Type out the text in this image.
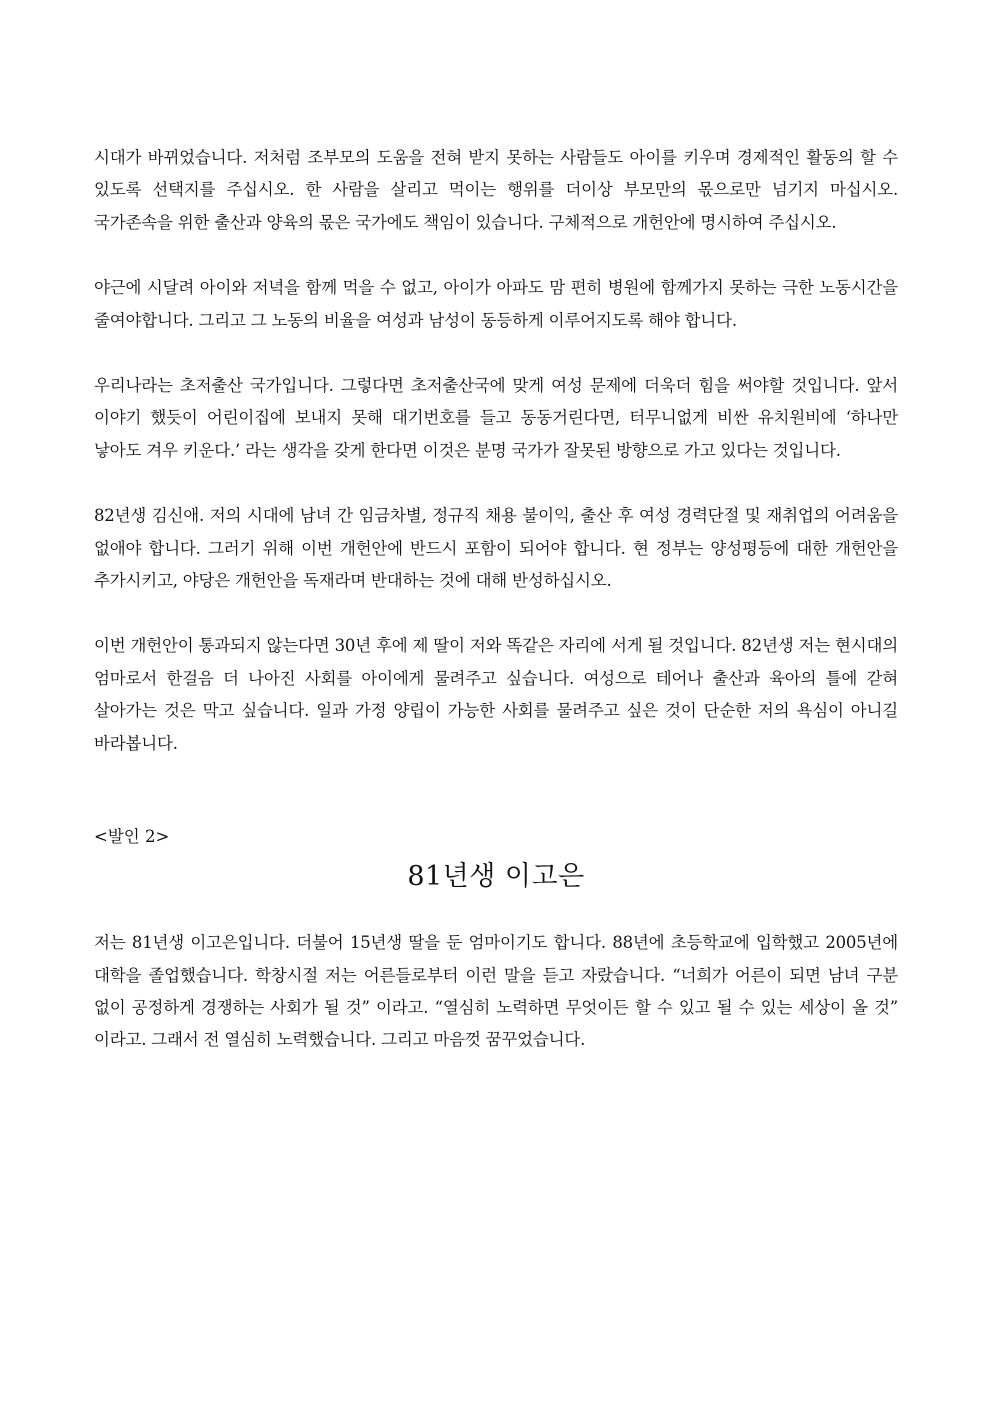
시대가 바뀌었습니다. 저처럼 조부모의 도움을 전혀 받지 못하는 사람들도 아이를 키우며 경제적인 활동의 할 수 있도록 선택지를 주십시오. 한 사람을 살리고 먹이는 행위를 더이상 부모만의 몫으로만 넘기지 마십시오. 국가존속을 위한 출산과 양육의 몫은 국가에도 책임이 있습니다. 구체적으로 개헌안에 명시하여 주십시오.

야근에 시달려 아이와 저녁을 함께 먹을 수 없고, 아이가 아파도 맘 편히 병원에 함께가지 못하는 극한 노동시간을 줄여야합니다. 그리고 그 노동의 비율을 여성과 남성이 동등하게 이루어지도록 해야 합니다.

우리나라는 초저출산 국가입니다. 그렇다면 초저출산국에 맞게 여성 문제에 더욱더 힘을 써야할 것입니다. 앞서 이야기 했듯이 어린이집에 보내지 못해 대기번호를 들고 동동거린다면, 터무니없게 비싼 유치원비에 ‘하나만 낳아도 겨우 키운다.’ 라는 생각을 갖게 한다면 이것은 분명 국가가 잘못된 방향으로 가고 있다는 것입니다.

82년생 김신애. 저의 시대에 남녀 간 임금차별, 정규직 채용 불이익, 출산 후 여성 경력단절 및 재취업의 어려움을 없애야 합니다. 그러기 위해 이번 개헌안에 반드시 포함이 되어야 합니다. 현 정부는 양성평등에 대한 개헌안을 추가시키고, 야당은 개헌안을 독재라며 반대하는 것에 대해 반성하십시오.

이번 개헌안이 통과되지 않는다면 30년 후에 제 딸이 저와 똑같은 자리에 서게 될 것입니다. 82년생 저는 현시대의 엄마로서 한걸음 더 나아진 사회를 아이에게 물려주고 싶습니다. 여성으로 테어나 출산과 육아의 틀에 갇혀 살아가는 것은 막고 싶습니다. 일과 가정 양립이 가능한 사회를 물려주고 싶은 것이 단순한 저의 욕심이 아니길 바라봅니다.

<발인 2>

81년생 이고은

저는 81년생 이고은입니다. 더불어 15년생 딸을 둔 엄마이기도 합니다. 88년에 초등학교에 입학했고 2005년에 대학을 졸업했습니다. 학창시절 저는 어른들로부터 이런 말을 듣고 자랐습니다. “너희가 어른이 되면 남녀 구분 없이 공정하게 경쟁하는 사회가 될 것” 이라고. “열심히 노력하면 무엇이든 할 수 있고 될 수 있는 세상이 올 것” 이라고. 그래서 전 열심히 노력했습니다. 그리고 마음껏 꿈꾸었습니다.
